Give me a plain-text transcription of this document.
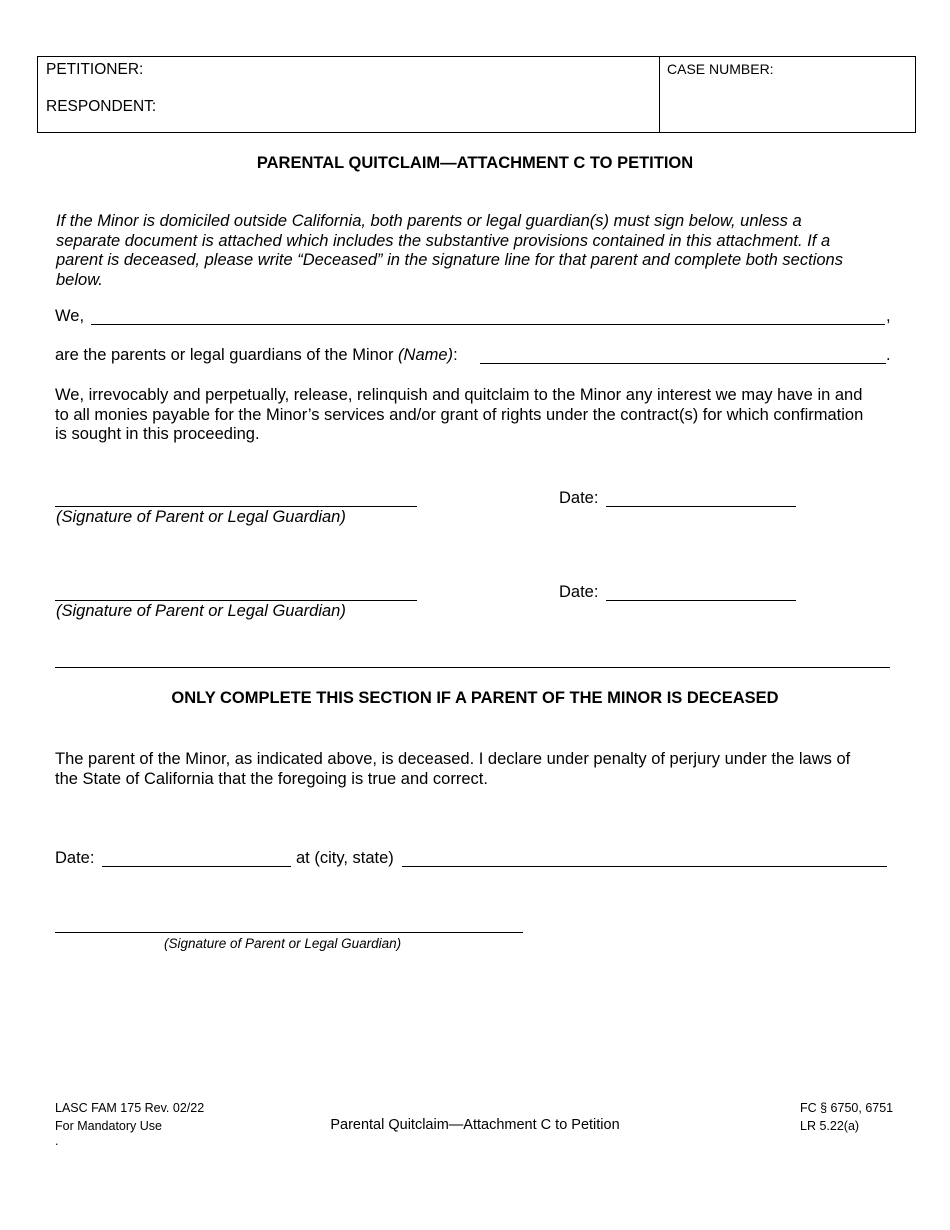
PETITIONER:
RESPONDENT:
CASE NUMBER:
PARENTAL QUITCLAIM—ATTACHMENT C TO PETITION
If the Minor is domiciled outside California, both parents or legal guardian(s) must sign below, unless a
separate document is attached which includes the substantive provisions contained in this attachment. If a
parent is deceased, please write “Deceased” in the signature line for that parent and complete both sections
below.
We,	,
are the parents or legal guardians of the Minor (Name):	.
We, irrevocably and perpetually, release, relinquish and quitclaim to the Minor any interest we may have in and
to all monies payable for the Minor’s services and/or grant of rights under the contract(s) for which confirmation
is sought in this proceeding.
(Signature of Parent or Legal Guardian)
Date:
(Signature of Parent or Legal Guardian)
Date:
ONLY COMPLETE THIS SECTION IF A PARENT OF THE MINOR IS DECEASED
The parent of the Minor, as indicated above, is deceased. I declare under penalty of perjury under the laws of
the State of California that the foregoing is true and correct.
Date:	at (city, state)
(Signature of Parent or Legal Guardian)
LASC FAM 175 Rev. 02/22
For Mandatory Use
.
Parental Quitclaim—Attachment C to Petition
FC § 6750, 6751
LR 5.22(a)
